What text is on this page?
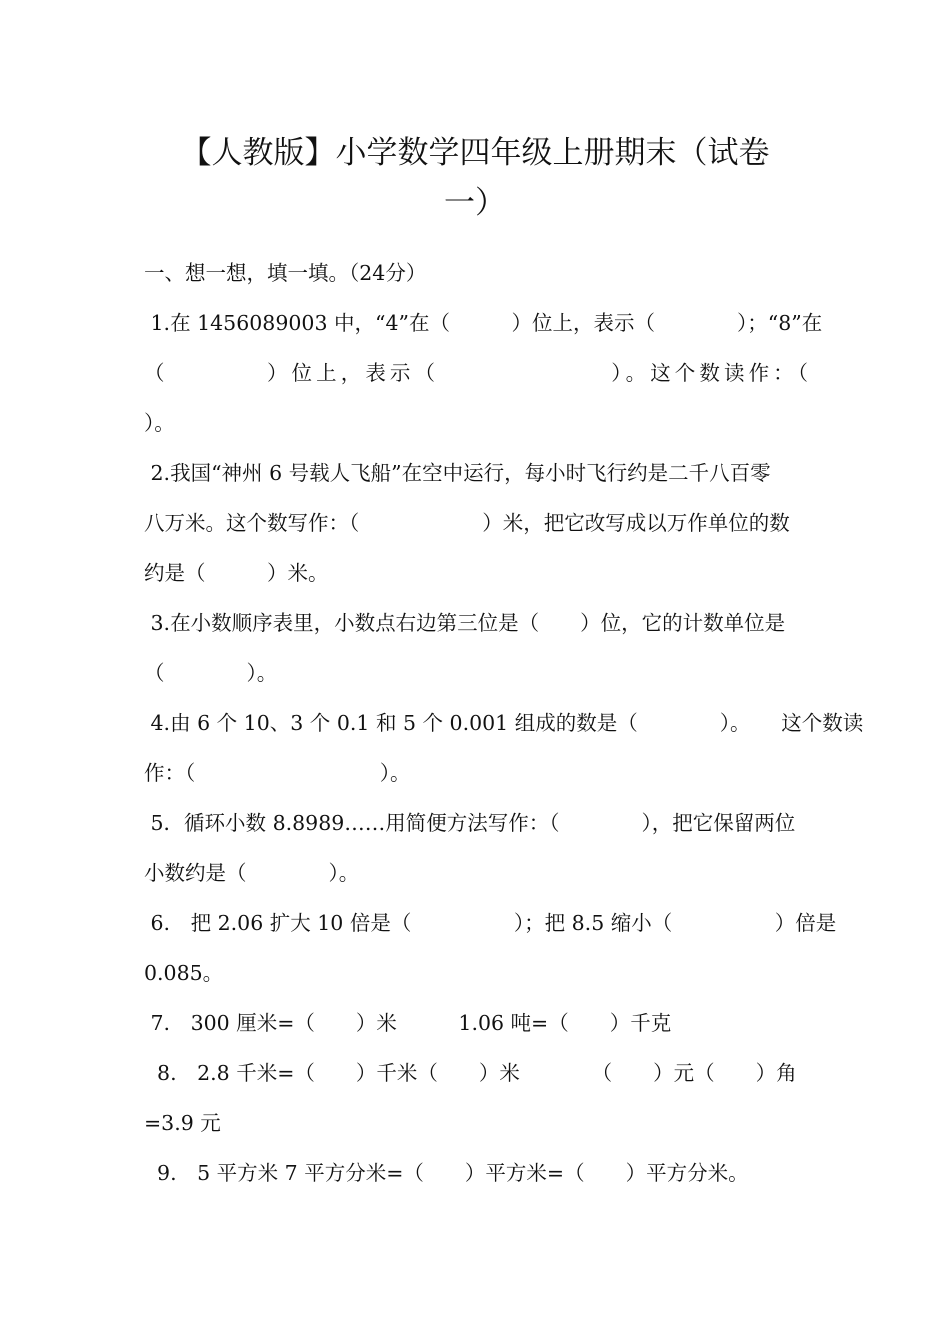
【人教版】小学数学四年级上册期末（试卷
一）
一、想一想，填一填。（24分）
1.在 1456089003 中，“4”在（　　　）位上，表示（　　　　）；“8”在
（　　　　）位上，表示（　　　　　　　）。这个数读作：（
）。
2.我国“神州 6 号载人飞船”在空中运行，每小时飞行约是二千八百零
八万米。这个数写作：（　　　　　　）米，把它改写成以万作单位的数
约是（　　　）米。
3.在小数顺序表里，小数点右边第三位是（　　）位，它的计数单位是
（　　　　）。
4.由 6 个 10、3 个 0.1 和 5 个 0.001 组成的数是（　　　　）。　　这个数读
作：（　　　　　　　　　）。
5．循环小数 8.8989……用简便方法写作：（　　　　），把它保留两位
小数约是（　　　　）。
6.　把 2.06 扩大 10 倍是（　　　　　）；把 8.5 缩小（　　　　　）倍是
0.085。
7.　300 厘米=（　　）米　　　1.06 吨=（　　）千克
8.　2.8 千米=（　　）千米（　　）米　　　　（　　）元（　　）角
=3.9 元
9.　5 平方米 7 平方分米=（　　）平方米=（　　）平方分米。
